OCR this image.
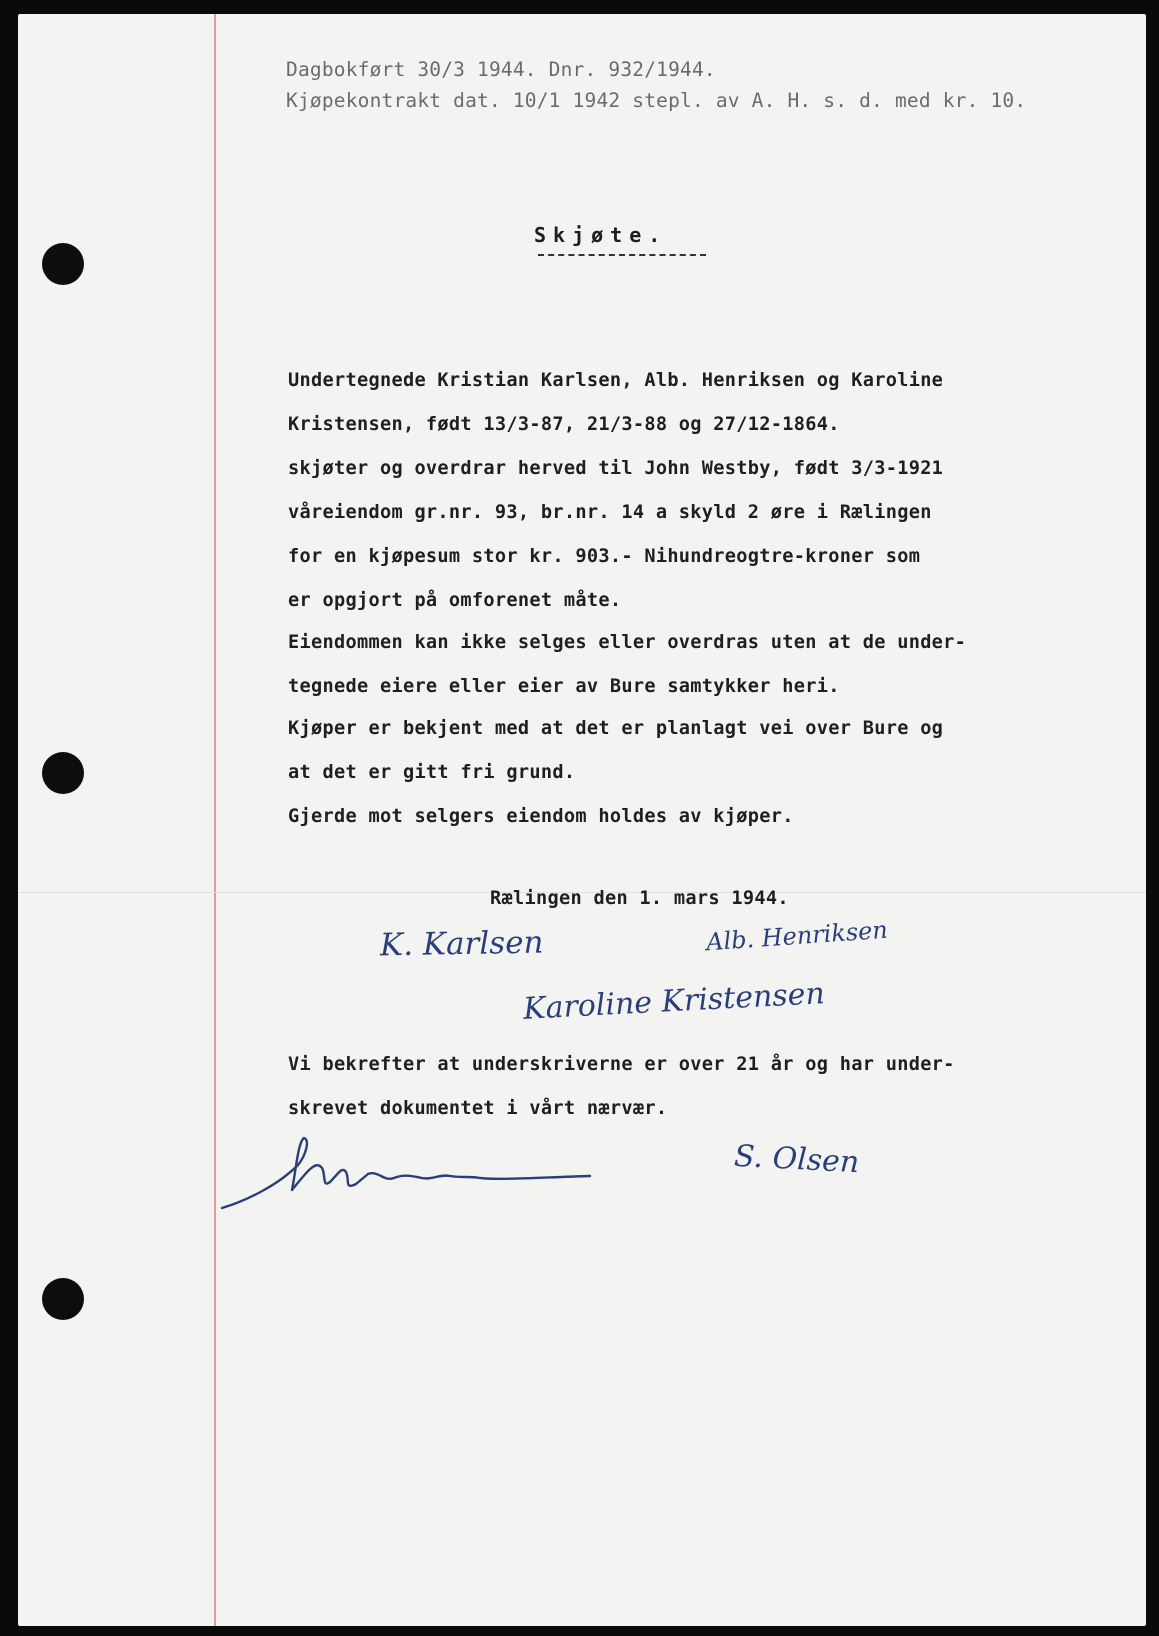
Dagbokført 30/3 1944. Dnr. 932/1944.
Kjøpekontrakt dat. 10/1 1942 stepl. av A. H. s. d. med kr. 10.
Skjøte.
Undertegnede Kristian Karlsen, Alb. Henriksen og Karoline
Kristensen, født 13/3-87, 21/3-88 og 27/12-1864.
skjøter og overdrar herved til John Westby, født 3/3-1921
våreiendom gr.nr. 93, br.nr. 14 a skyld 2 øre i Rælingen
for en kjøpesum stor kr. 903.- Nihundreogtre-kroner som
er opgjort på omforenet måte.
Eiendommen kan ikke selges eller overdras uten at de under-
tegnede eiere eller eier av Bure samtykker heri.
Kjøper er bekjent med at det er planlagt vei over Bure og
at det er gitt fri grund.
Gjerde mot selgers eiendom holdes av kjøper.
Rælingen den 1. mars 1944.
K. Karlsen	Alb. Henriksen
Karoline Kristensen
Vi bekrefter at underskriverne er over 21 år og har under-
skrevet dokumentet i vårt nærvær.
S. Olsen
